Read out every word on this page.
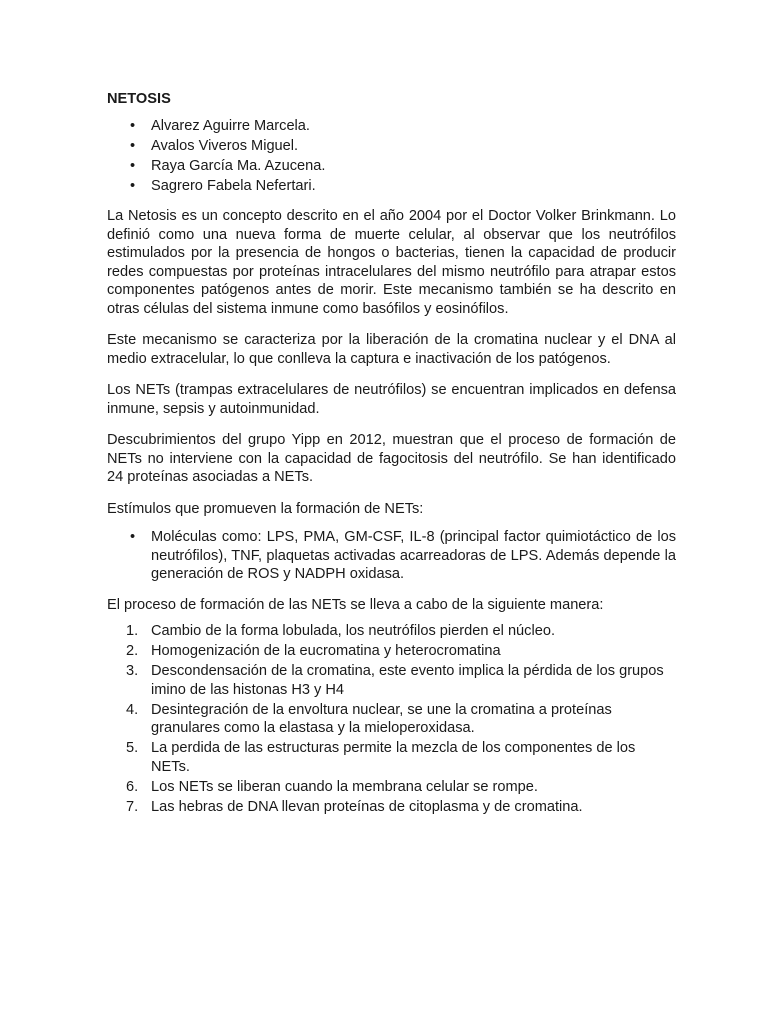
NETOSIS
• Alvarez Aguirre Marcela.
• Avalos Viveros Miguel.
• Raya García Ma. Azucena.
• Sagrero Fabela Nefertari.

La Netosis es un concepto descrito en el año 2004 por el Doctor Volker Brinkmann. Lo definió como una nueva forma de muerte celular, al observar que los neutrófilos estimulados por la presencia de hongos o bacterias, tienen la capacidad de producir redes compuestas por proteínas intracelulares del mismo neutrófilo para atrapar estos componentes patógenos antes de morir. Este mecanismo también se ha descrito en otras células del sistema inmune como basófilos y eosinófilos.

Este mecanismo se caracteriza por la liberación de la cromatina nuclear y el DNA al medio extracelular, lo que conlleva la captura e inactivación de los patógenos.

Los NETs (trampas extracelulares de neutrófilos) se encuentran implicados en defensa inmune, sepsis y autoinmunidad.

Descubrimientos del grupo Yipp en 2012, muestran que el proceso de formación de NETs no interviene con la capacidad de fagocitosis del neutrófilo. Se han identificado 24 proteínas asociadas a NETs.

Estímulos que promueven la formación de NETs:

• Moléculas como: LPS, PMA, GM-CSF, IL-8 (principal factor quimiotáctico de los neutrófilos), TNF, plaquetas activadas acarreadoras de LPS. Además depende la generación de ROS y NADPH oxidasa.

El proceso de formación de las NETs se lleva a cabo de la siguiente manera:

1. Cambio de la forma lobulada, los neutrófilos pierden el núcleo.
2. Homogenización de la eucromatina y heterocromatina
3. Descondensación de la cromatina, este evento implica la pérdida de los grupos imino de las histonas H3 y H4
4. Desintegración de la envoltura nuclear, se une la cromatina a proteínas granulares como la elastasa y la mieloperoxidasa.
5. La perdida de las estructuras permite la mezcla de los componentes de los NETs.
6. Los NETs se liberan cuando la membrana celular se rompe.
7. Las hebras de DNA llevan proteínas de citoplasma y de cromatina.
